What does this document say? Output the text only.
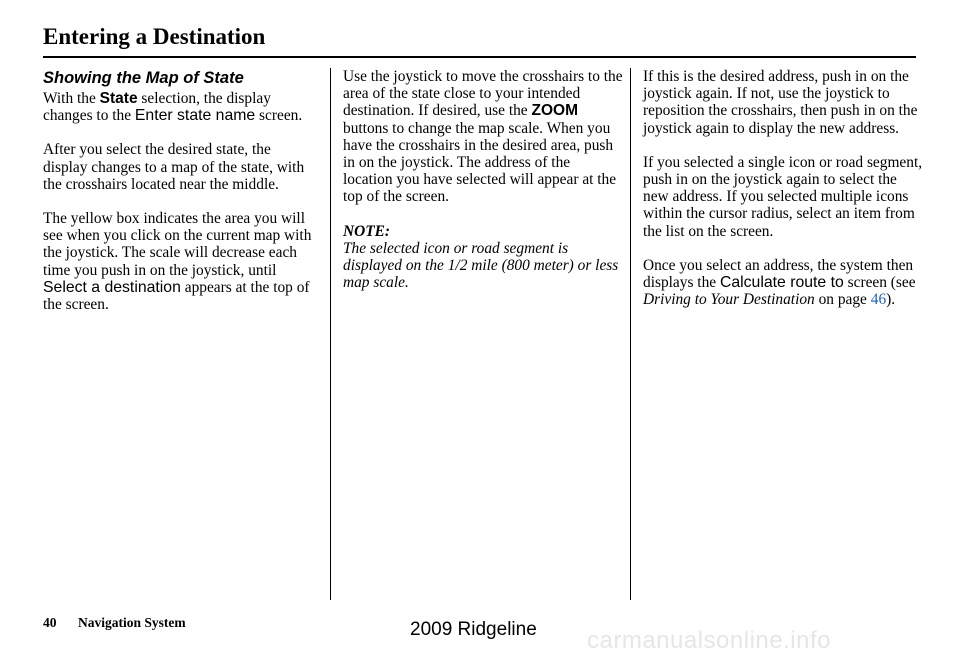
Entering a Destination
Showing the Map of State

With the State selection, the display changes to the Enter state name screen.

After you select the desired state, the display changes to a map of the state, with the crosshairs located near the middle.

The yellow box indicates the area you will see when you click on the current map with the joystick. The scale will decrease each time you push in on the joystick, until Select a destination appears at the top of the screen.

Use the joystick to move the crosshairs to the area of the state close to your intended destination. If desired, use the ZOOM buttons to change the map scale. When you have the crosshairs in the desired area, push in on the joystick. The address of the location you have selected will appear at the top of the screen.

NOTE:

The selected icon or road segment is displayed on the 1/2 mile (800 meter) or less map scale.

If this is the desired address, push in on the joystick again. If not, use the joystick to reposition the crosshairs, then push in on the joystick again to display the new address.

If you selected a single icon or road segment, push in on the joystick again to select the new address. If you selected multiple icons within the cursor radius, select an item from the list on the screen.

Once you select an address, the system then displays the Calculate route to screen (see Driving to Your Destination on page 46).

40 Navigation System	2009 Ridgeline carmanualsonline.info
